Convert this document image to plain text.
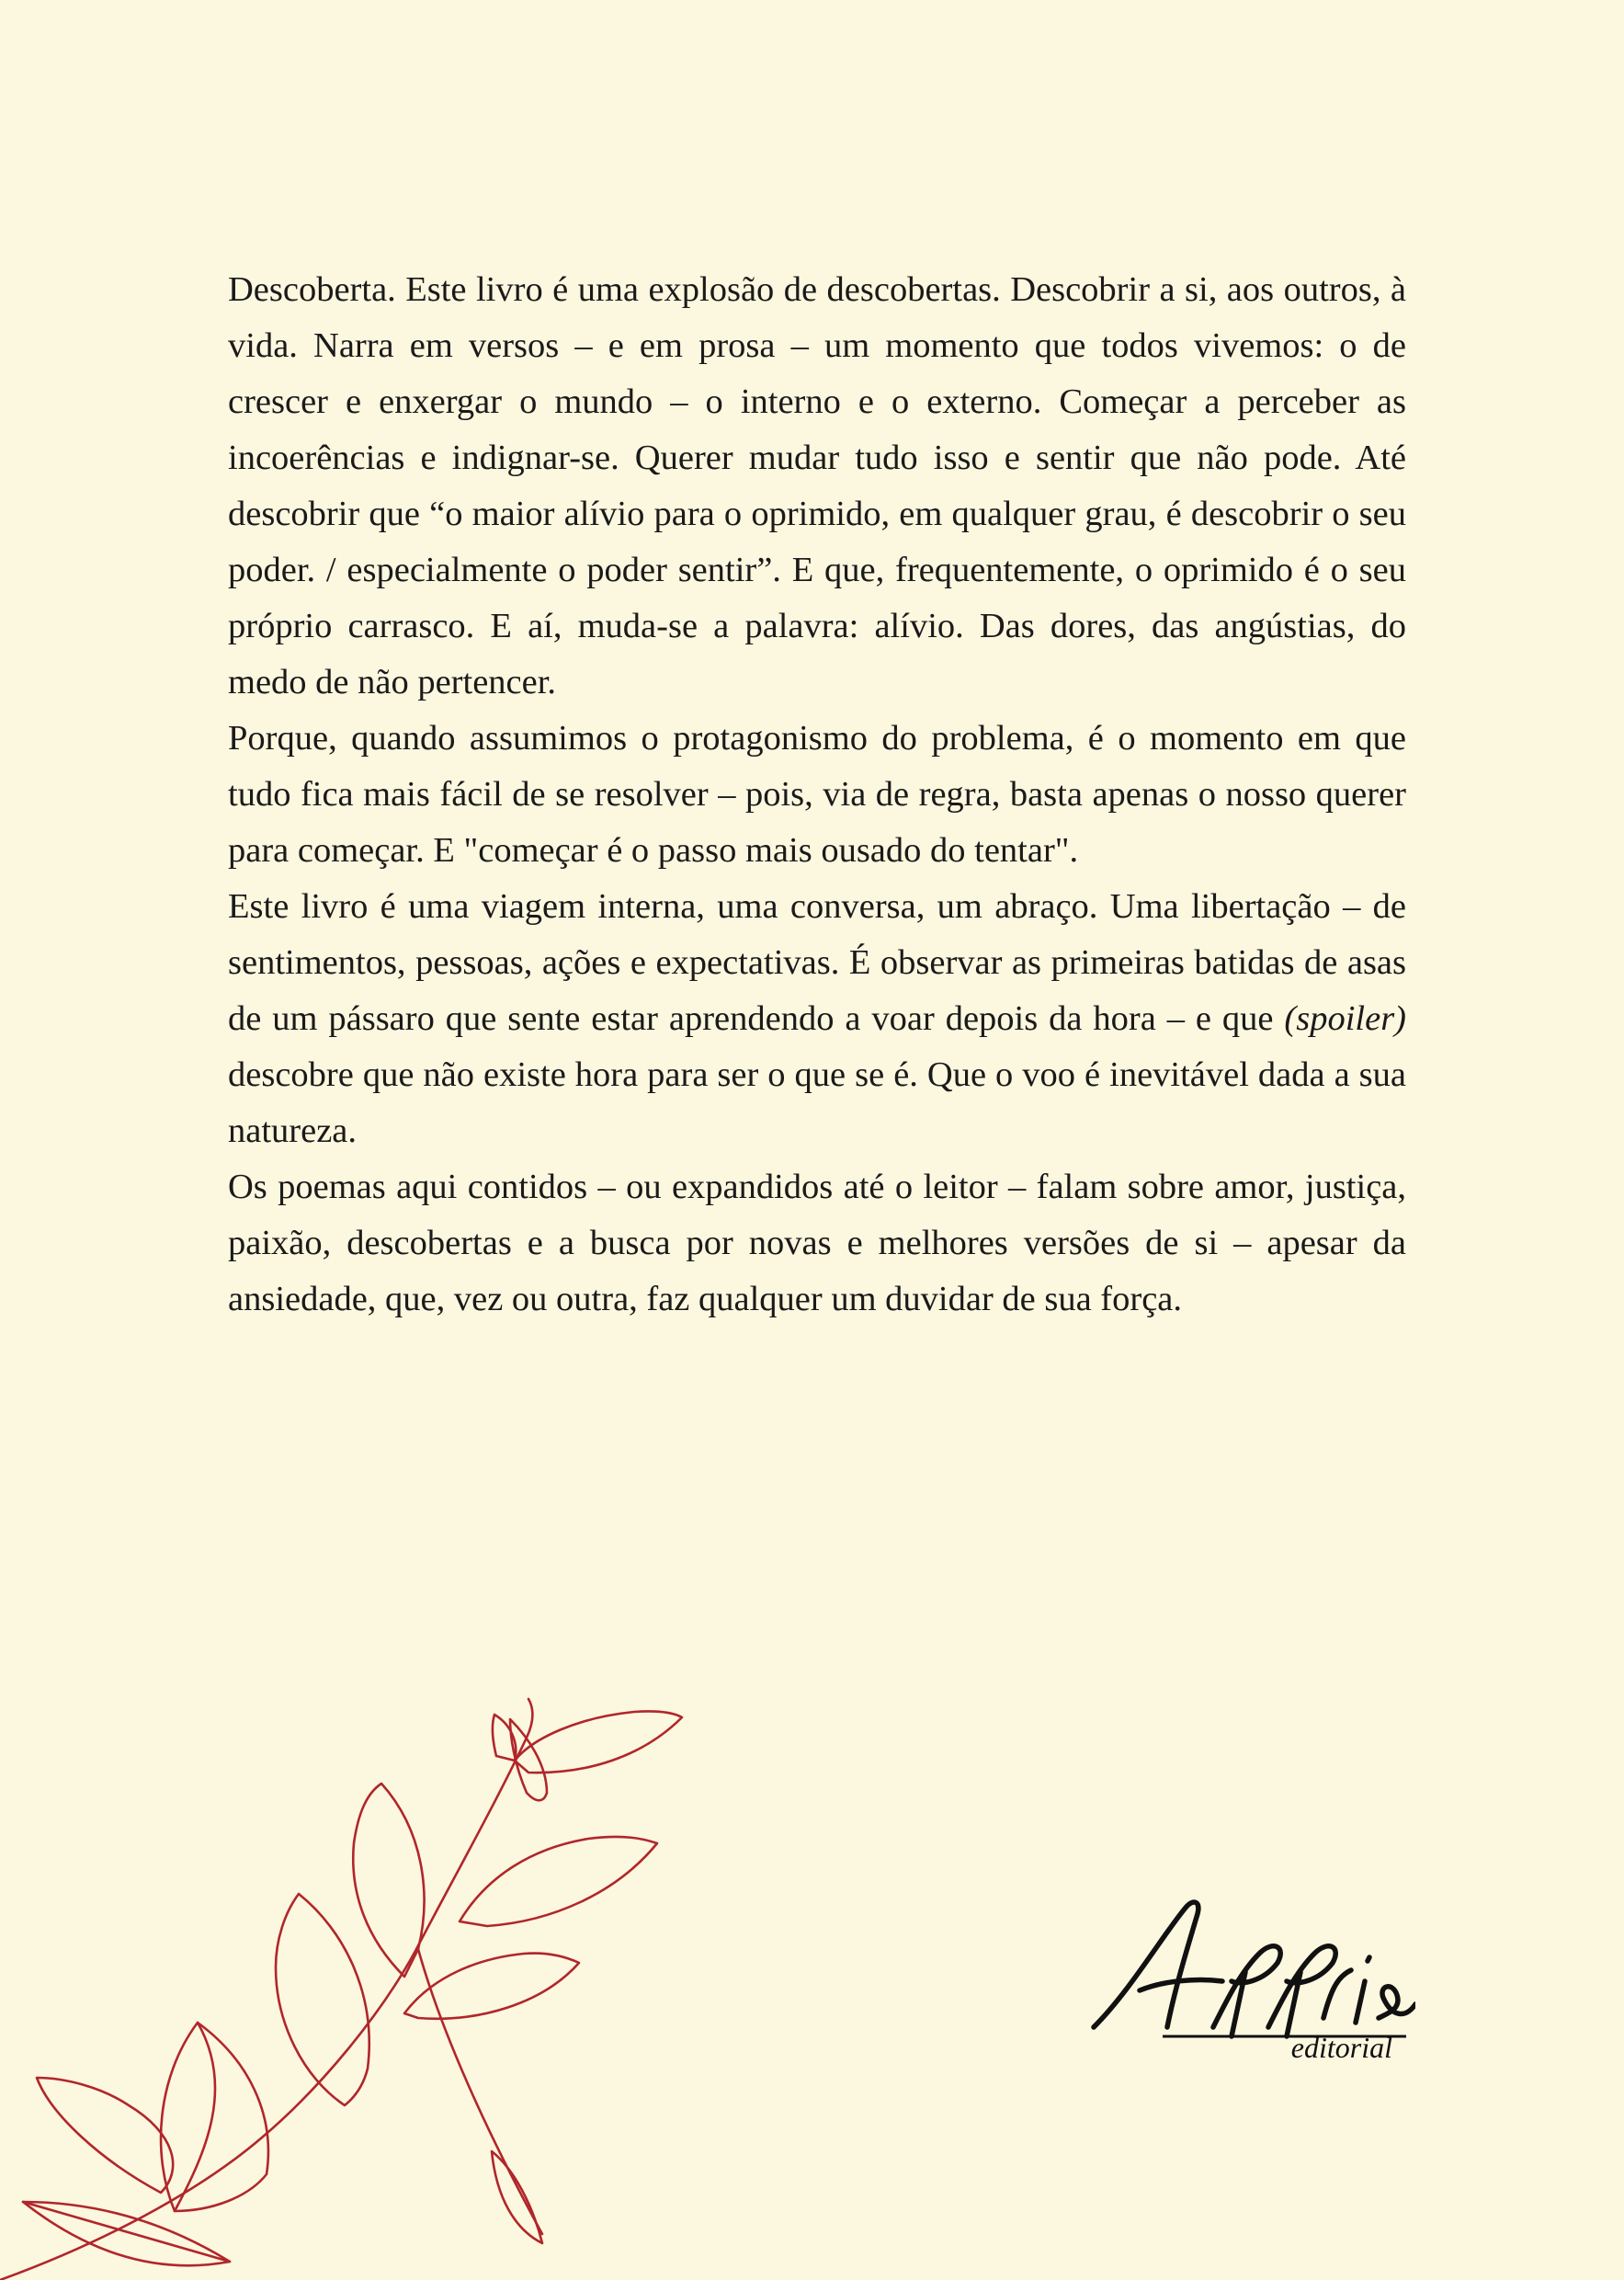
Descoberta. Este livro é uma explosão de descobertas. Descobrir a si, aos outros, à vida. Narra em versos – e em prosa – um momento que todos vivemos: o de crescer e enxergar o mundo – o interno e o externo. Começar a perceber as incoerências e indignar-se. Querer mudar tudo isso e sentir que não pode. Até descobrir que “o maior alívio para o oprimido, em qualquer grau, é descobrir o seu poder. / especialmente o poder sentir”. E que, frequentemente, o oprimido é o seu próprio carrasco. E aí, muda-se a palavra: alívio. Das dores, das angústias, do medo de não pertencer.

Porque, quando assumimos o protagonismo do problema, é o momento em que tudo fica mais fácil de se resolver – pois, via de regra, basta apenas o nosso querer para começar. E "começar é o passo mais ousado do tentar".

Este livro é uma viagem interna, uma conversa, um abraço. Uma libertação – de sentimentos, pessoas, ações e expectativas. É observar as primeiras batidas de asas de um pássaro que sente estar aprendendo a voar depois da hora – e que (spoiler) descobre que não existe hora para ser o que se é. Que o voo é inevitável dada a sua natureza.

Os poemas aqui contidos – ou expandidos até o leitor – falam sobre amor, justiça, paixão, descobertas e a busca por novas e melhores versões de si – apesar da ansiedade, que, vez ou outra, faz qualquer um duvidar de sua força.

editorial
